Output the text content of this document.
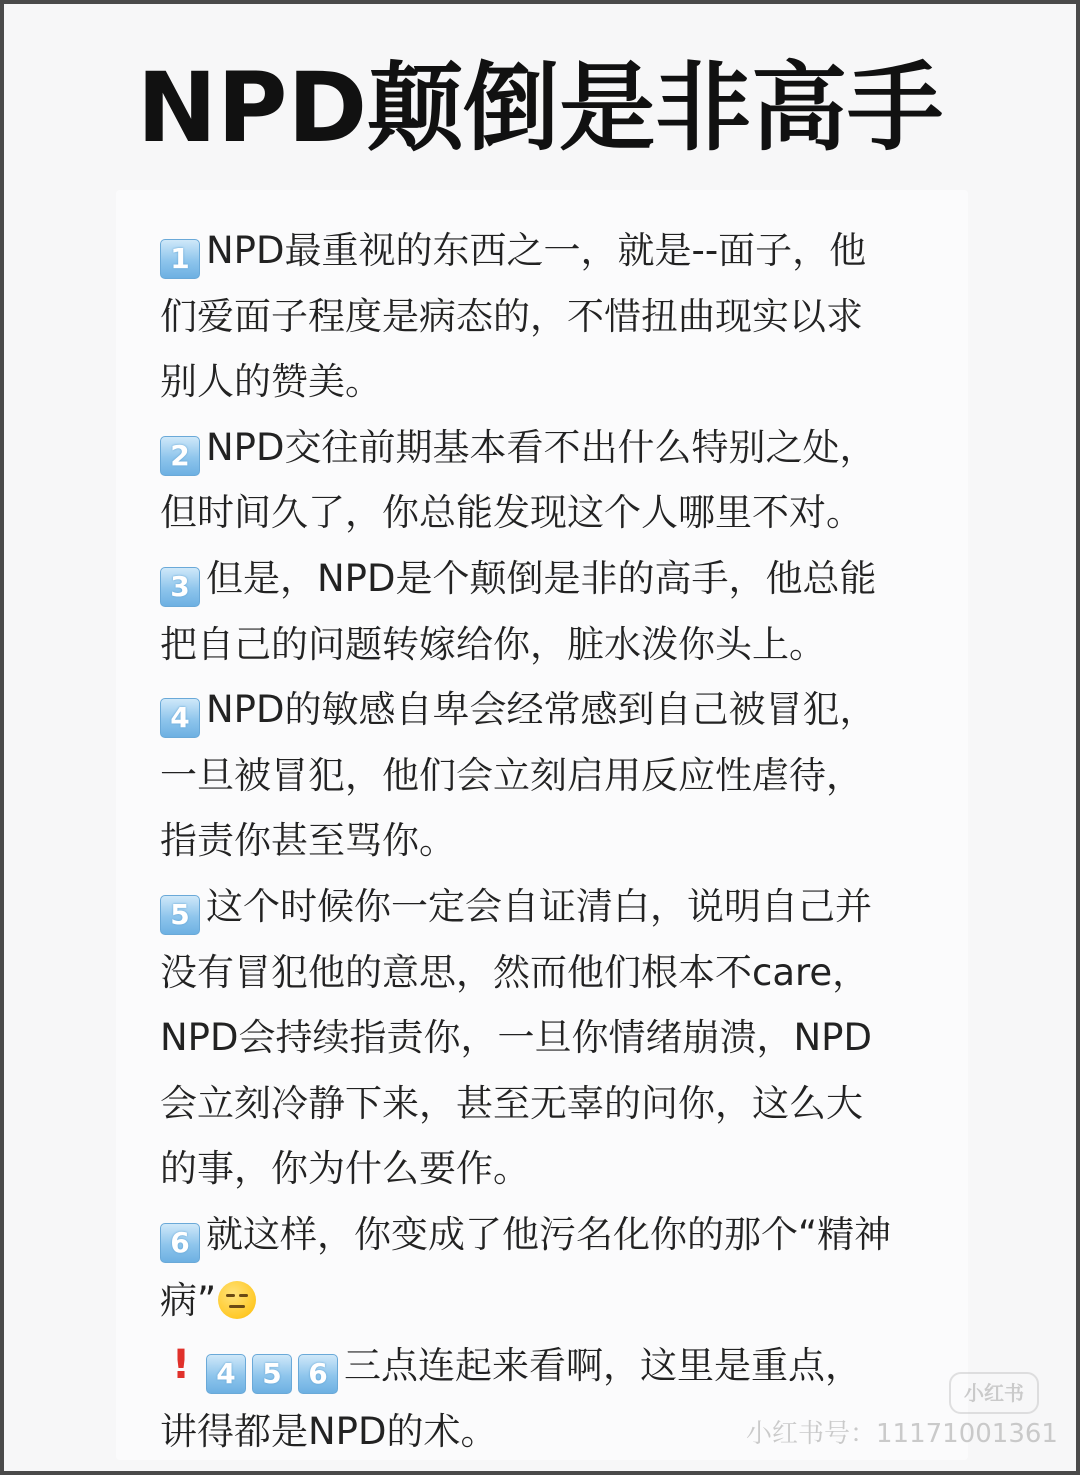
NPD颠倒是非高手
1 NPD最重视的东西之一，就是--面子，他
们爱面子程度是病态的，不惜扭曲现实以求
别人的赞美。
2 NPD交往前期基本看不出什么特别之处，
但时间久了，你总能发现这个人哪里不对。
3 但是，NPD是个颠倒是非的高手，他总能
把自己的问题转嫁给你，脏水泼你头上。
4 NPD的敏感自卑会经常感到自己被冒犯，
一旦被冒犯，他们会立刻启用反应性虐待，
指责你甚至骂你。
5 这个时候你一定会自证清白，说明自己并
没有冒犯他的意思，然而他们根本不care，
NPD会持续指责你，一旦你情绪崩溃，NPD
会立刻冷静下来，甚至无辜的问你，这么大
的事，你为什么要作。
6 就这样，你变成了他污名化你的那个“精神
病”
! 4 5 6 三点连起来看啊，这里是重点，
讲得都是NPD的术。
小红书
小红书号：11171001361
